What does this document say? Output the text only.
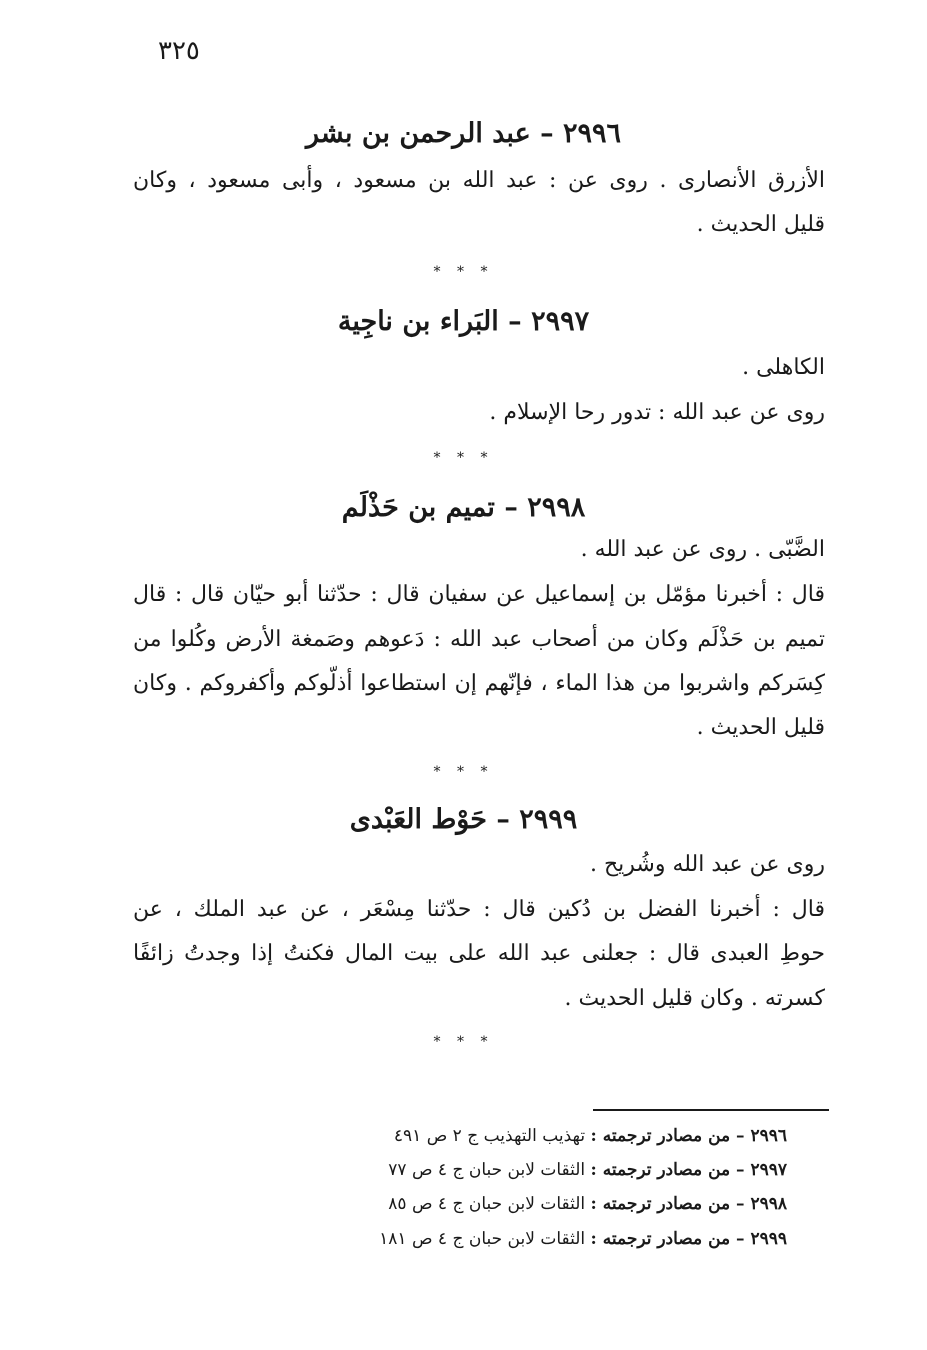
٣٢٥
٢٩٩٦ – عبد الرحمن بن بشر
الأزرق الأنصارى . روى عن : عبد الله بن مسعود ، وأبى مسعود ، وكان
قليل الحديث .
* * *
٢٩٩٧ – البَراء بن ناجِية
الكاهلى .
روى عن عبد الله : تدور رحا الإسلام .
* * *
٢٩٩٨ – تميم بن حَذْلَم
الضَّبّى . روى عن عبد الله .
قال : أخبرنا مؤمّل بن إسماعيل عن سفيان قال : حدّثنا أبو حيّان قال : قال
تميم بن حَذْلَم وكان من أصحاب عبد الله : دَعوهم وصَمغة الأرض وكُلوا من
كِسَركم واشربوا من هذا الماء ، فإنّهم إن استطاعوا أذلّوكم وأكفروكم . وكان
قليل الحديث .
* * *
٢٩٩٩ – حَوْط العَبْدى
روى عن عبد الله وشُريح .
قال : أخبرنا الفضل بن دُكين قال : حدّثنا مِسْعَر ، عن عبد الملك ، عن
حوطِ العبدى قال : جعلنى عبد الله على بيت المال فكنتُ إذا وجدتُ زائفًا
كسرته . وكان قليل الحديث .
* * *
٢٩٩٦ – من مصادر ترجمته : تهذيب التهذيب ج ٢ ص ٤٩١
٢٩٩٧ – من مصادر ترجمته : الثقات لابن حبان ج ٤ ص ٧٧
٢٩٩٨ – من مصادر ترجمته : الثقات لابن حبان ج ٤ ص ٨٥
٢٩٩٩ – من مصادر ترجمته : الثقات لابن حبان ج ٤ ص ١٨١
